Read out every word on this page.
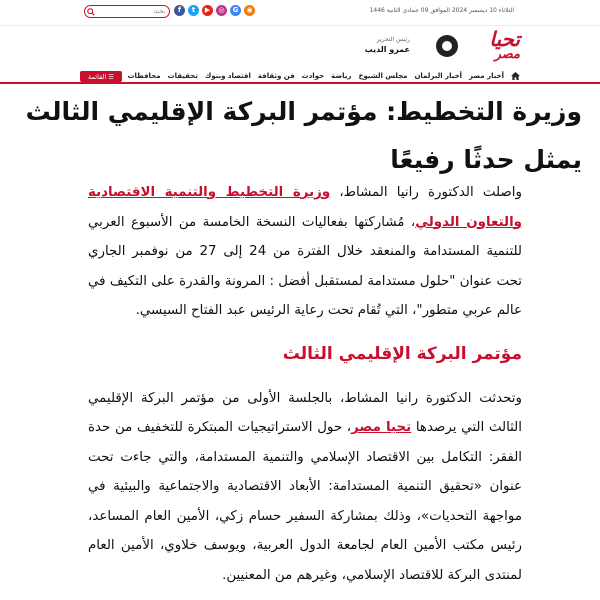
الثلاثاء 10 ديسمبر 2024 الموافق 09 جمادى الثانية 1446
f	t	▶	◎	G	◉
بحث
تحيا
مصر
رئيس التحرير
عمرو الديب
أخبار مصر
أخبار البرلمان
مجلس الشيوخ
رياضة
حوادث
فن وثقافة
اقتصاد وبنوك
تحقيقات
محافظات
☰
القائمة
وزيرة التخطيط: مؤتمر البركة الإقليمي الثالث يمثل حدثًا رفيعًا

واصلت الدكتورة رانيا المشاط، وزيرة التخطيط والتنمية الاقتصادية والتعاون الدولي، مُشاركتها بفعاليات النسخة الخامسة من الأسبوع العربي للتنمية المستدامة والمنعقد خلال الفترة من 24 إلى 27 من نوفمبر الجاري تحت عنوان "حلول مستدامة لمستقبل أفضل : المرونة والقدرة على التكيف في عالم عربي متطور"، التي تُقام تحت رعاية الرئيس عبد الفتاح السيسي.

مؤتمر البركة الإقليمي الثالث

وتحدثت الدكتورة رانيا المشاط، بالجلسة الأولى من مؤتمر البركة الإقليمي الثالث التي يرصدها تحيا مصر، حول الاستراتيجيات المبتكرة للتخفيف من حدة الفقر: التكامل بين الاقتصاد الإسلامي والتنمية المستدامة، والتي جاءت تحت عنوان «تحقيق التنمية المستدامة: الأبعاد الاقتصادية والاجتماعية والبيئية في مواجهة التحديات»، وذلك بمشاركة السفير حسام زكي، الأمين العام المساعد، رئيس مكتب الأمين العام لجامعة الدول العربية، ويوسف خلاوي، الأمين العام لمنتدى البركة للاقتصاد الإسلامي، وغيرهم من المعنيين.
